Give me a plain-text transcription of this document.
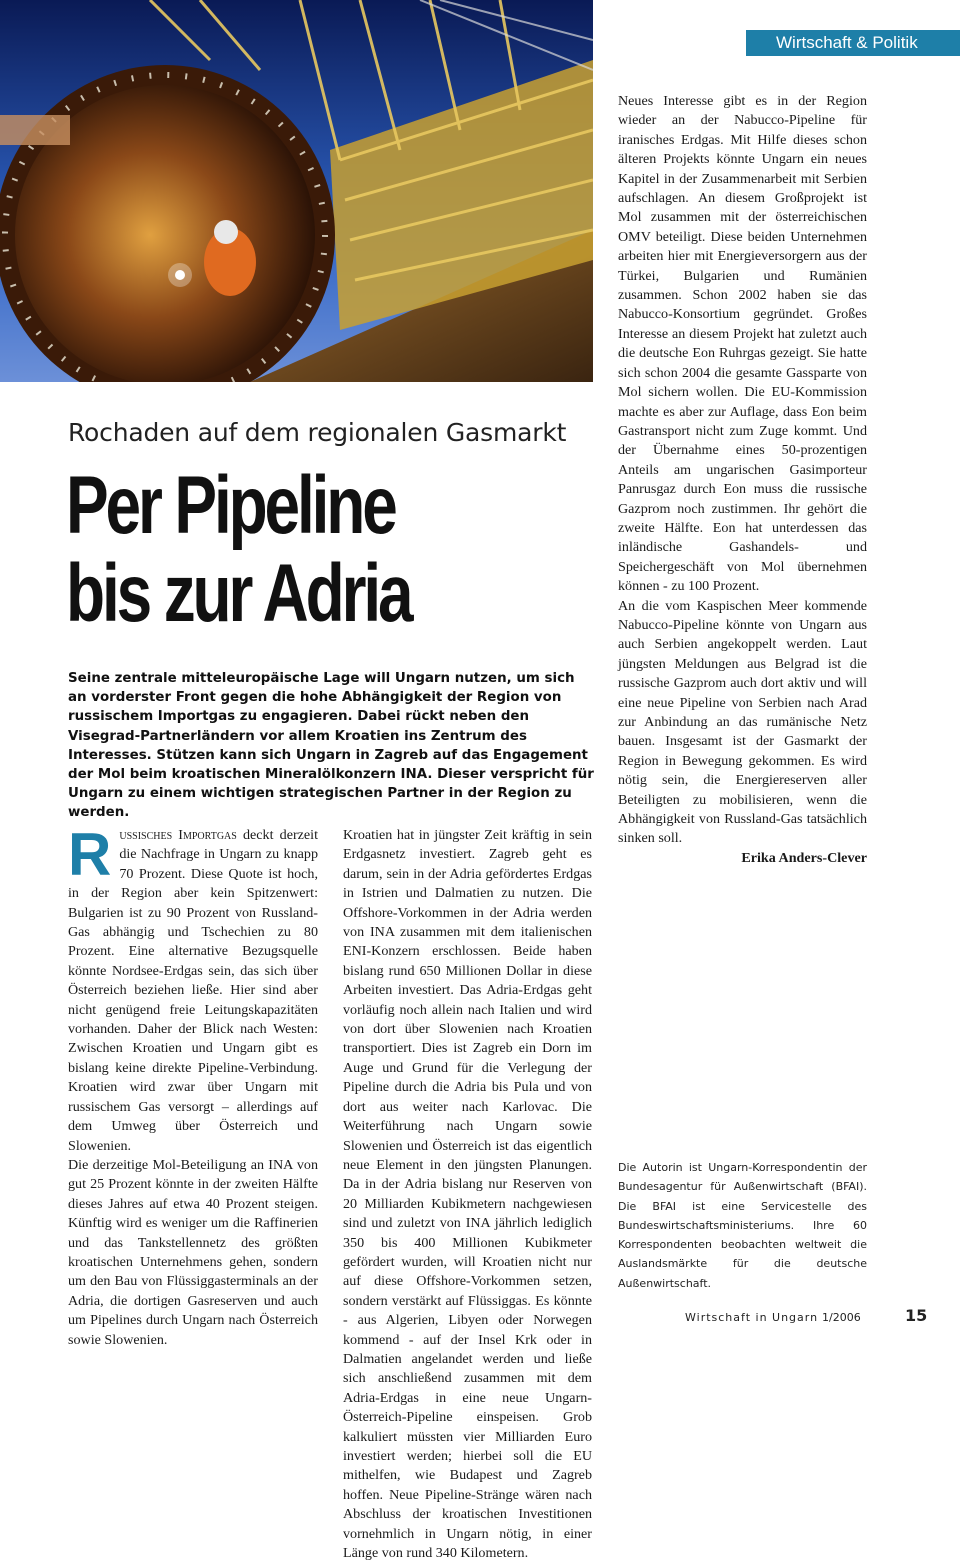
Wirtschaft & Politik
Rochaden auf dem regionalen Gasmarkt
Per Pipeline
bis zur Adria

Seine zentrale mitteleuropäische Lage will Ungarn nutzen, um sich an vorderster Front gegen die hohe Abhängigkeit der Region von russischem Importgas zu engagieren. Dabei rückt neben den Visegrad-Partnerländern vor allem Kroatien ins Zentrum des Interesses. Stützen kann sich Ungarn in Zagreb auf das Engagement der Mol beim kroatischen Mineralölkonzern INA. Dieser verspricht für Ungarn zu einem wichtigen strategischen Partner in der Region zu werden.

Russisches Importgas deckt derzeit die Nachfrage in Ungarn zu knapp 70 Prozent. Diese Quote ist hoch, in der Region aber kein Spitzenwert: Bulgarien ist zu 90 Prozent von Russland-Gas abhängig und Tschechien zu 80 Prozent. Eine alternative Bezugsquelle könnte Nordsee-Erdgas sein, das sich über Österreich beziehen ließe. Hier sind aber nicht genügend freie Leitungskapazitäten vorhanden. Daher der Blick nach Westen: Zwischen Kroatien und Ungarn gibt es bislang keine direkte Pipeline-Verbindung. Kroatien wird zwar über Ungarn mit russischem Gas versorgt – allerdings auf dem Umweg über Österreich und Slowenien.

Die derzeitige Mol-Beteiligung an INA von gut 25 Prozent könnte in der zweiten Hälfte dieses Jahres auf etwa 40 Prozent steigen. Künftig wird es weniger um die Raffinerien und das Tankstellennetz des größten kroatischen Unternehmens gehen, sondern um den Bau von Flüssiggasterminals an der Adria, die dortigen Gasreserven und auch um Pipelines durch Ungarn nach Österreich sowie Slowenien.

Kroatien hat in jüngster Zeit kräftig in sein Erdgasnetz investiert. Zagreb geht es darum, sein in der Adria gefördertes Erdgas in Istrien und Dalmatien zu nutzen. Die Offshore-Vorkommen in der Adria werden von INA zusammen mit dem italienischen ENI-Konzern erschlossen. Beide haben bislang rund 650 Millionen Dollar in diese Arbeiten investiert. Das Adria-Erdgas geht vorläufig noch allein nach Italien und wird von dort über Slowenien nach Kroatien transportiert. Dies ist Zagreb ein Dorn im Auge und Grund für die Verlegung der Pipeline durch die Adria bis Pula und von dort aus weiter nach Karlovac. Die Weiterführung nach Ungarn sowie Slowenien und Österreich ist das eigentlich neue Element in den jüngsten Planungen. Da in der Adria bislang nur Reserven von 20 Milliarden Kubikmetern nachgewiesen sind und zuletzt von INA jährlich lediglich 350 bis 400 Millionen Kubikmeter gefördert wurden, will Kroatien nicht nur auf diese Offshore-Vorkommen setzen, sondern verstärkt auf Flüssiggas. Es könnte - aus Algerien, Libyen oder Norwegen kommend - auf der Insel Krk oder in Dalmatien angelandet werden und ließe sich anschließend zusammen mit dem Adria-Erdgas in eine neue Ungarn-Österreich-Pipeline einspeisen. Grob kalkuliert müssten vier Milliarden Euro investiert werden; hierbei soll die EU mithelfen, wie Budapest und Zagreb hoffen. Neue Pipeline-Stränge wären nach Abschluss der kroatischen Investitionen vornehmlich in Ungarn nötig, in einer Länge von rund 340 Kilometern.

Neues Interesse gibt es in der Region wieder an der Nabucco-Pipeline für iranisches Erdgas. Mit Hilfe dieses schon älteren Projekts könnte Ungarn ein neues Kapitel in der Zusammenarbeit mit Serbien aufschlagen. An diesem Großprojekt ist Mol zusammen mit der österreichischen OMV beteiligt. Diese beiden Unternehmen arbeiten hier mit Energieversorgern aus der Türkei, Bulgarien und Rumänien zusammen. Schon 2002 haben sie das Nabucco-Konsortium gegründet. Großes Interesse an diesem Projekt hat zuletzt auch die deutsche Eon Ruhrgas gezeigt. Sie hatte sich schon 2004 die gesamte Gassparte von Mol sichern wollen. Die EU-Kommission machte es aber zur Auflage, dass Eon beim Gastransport nicht zum Zuge kommt. Und der Übernahme eines 50-prozentigen Anteils am ungarischen Gasimporteur Panrusgaz durch Eon muss die russische Gazprom noch zustimmen. Ihr gehört die zweite Hälfte. Eon hat unterdessen das inländische Gashandels- und Speichergeschäft von Mol übernehmen können - zu 100 Prozent.

An die vom Kaspischen Meer kommende Nabucco-Pipeline könnte von Ungarn aus auch Serbien angekoppelt werden. Laut jüngsten Meldungen aus Belgrad ist die russische Gazprom auch dort aktiv und will eine neue Pipeline von Serbien nach Arad zur Anbindung an das rumänische Netz bauen. Insgesamt ist der Gasmarkt der Region in Bewegung gekommen. Es wird nötig sein, die Energiereserven aller Beteiligten zu mobilisieren, wenn die Abhängigkeit von Russland-Gas tatsächlich sinken soll.

Erika Anders-Clever

Die Autorin ist Ungarn-Korrespondentin der Bundesagentur für Außenwirtschaft (BFAI). Die BFAI ist eine Servicestelle des Bundeswirtschaftsministeriums. Ihre 60 Korrespondenten beobachten weltweit die Auslandsmärkte für die deutsche Außenwirtschaft.

Wirtschaft in Ungarn 1/2006	15
